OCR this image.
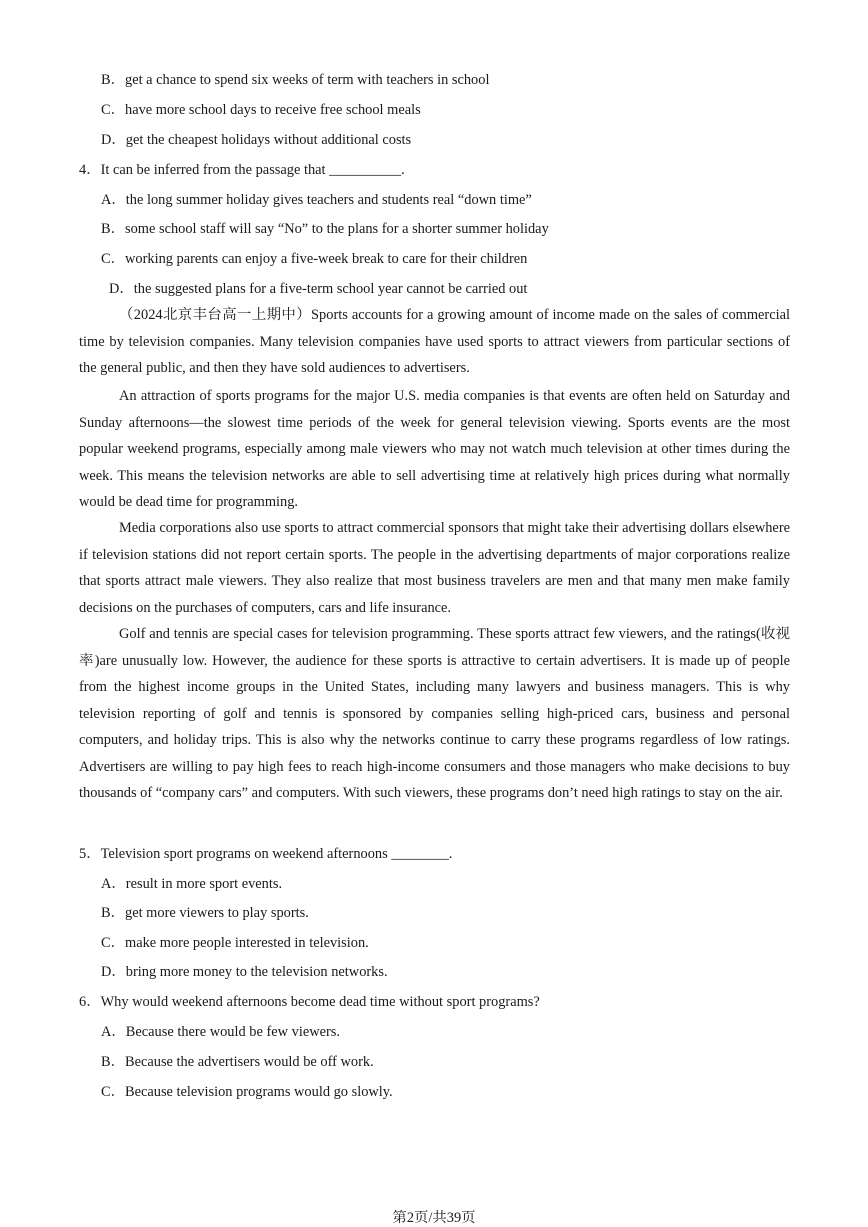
B．get a chance to spend six weeks of term with teachers in school
C．have more school days to receive free school meals
D．get the cheapest holidays without additional costs
4．It can be inferred from the passage that __________.
A．the long summer holiday gives teachers and students real “down time”
B．some school staff will say “No” to the plans for a shorter summer holiday
C．working parents can enjoy a five-week break to care for their children
D．the suggested plans for a five-term school year cannot be carried out
（2024北京丰台高一上期中）Sports accounts for a growing amount of income made on the sales of commercial time by television companies. Many television companies have used sports to attract viewers from particular sections of the general public, and then they have sold audiences to advertisers.
An attraction of sports programs for the major U.S. media companies is that events are often held on Saturday and Sunday afternoons—the slowest time periods of the week for general television viewing. Sports events are the most popular weekend programs, especially among male viewers who may not watch much television at other times during the week. This means the television networks are able to sell advertising time at relatively high prices during what normally would be dead time for programming.
Media corporations also use sports to attract commercial sponsors that might take their advertising dollars elsewhere if television stations did not report certain sports. The people in the advertising departments of major corporations realize that sports attract male viewers. They also realize that most business travelers are men and that many men make family decisions on the purchases of computers, cars and life insurance.
Golf and tennis are special cases for television programming. These sports attract few viewers, and the ratings(收视率)are unusually low. However, the audience for these sports is attractive to certain advertisers. It is made up of people from the highest income groups in the United States, including many lawyers and business managers. This is why television reporting of golf and tennis is sponsored by companies selling high-priced cars, business and personal computers, and holiday trips. This is also why the networks continue to carry these programs regardless of low ratings. Advertisers are willing to pay high fees to reach high-income consumers and those managers who make decisions to buy thousands of “company cars” and computers. With such viewers, these programs don’t need high ratings to stay on the air.
5．Television sport programs on weekend afternoons ________.
A．result in more sport events.
B．get more viewers to play sports.
C．make more people interested in television.
D．bring more money to the television networks.
6．Why would weekend afternoons become dead time without sport programs?
A．Because there would be few viewers.
B．Because the advertisers would be off work.
C．Because television programs would go slowly.
第2页/共39页
